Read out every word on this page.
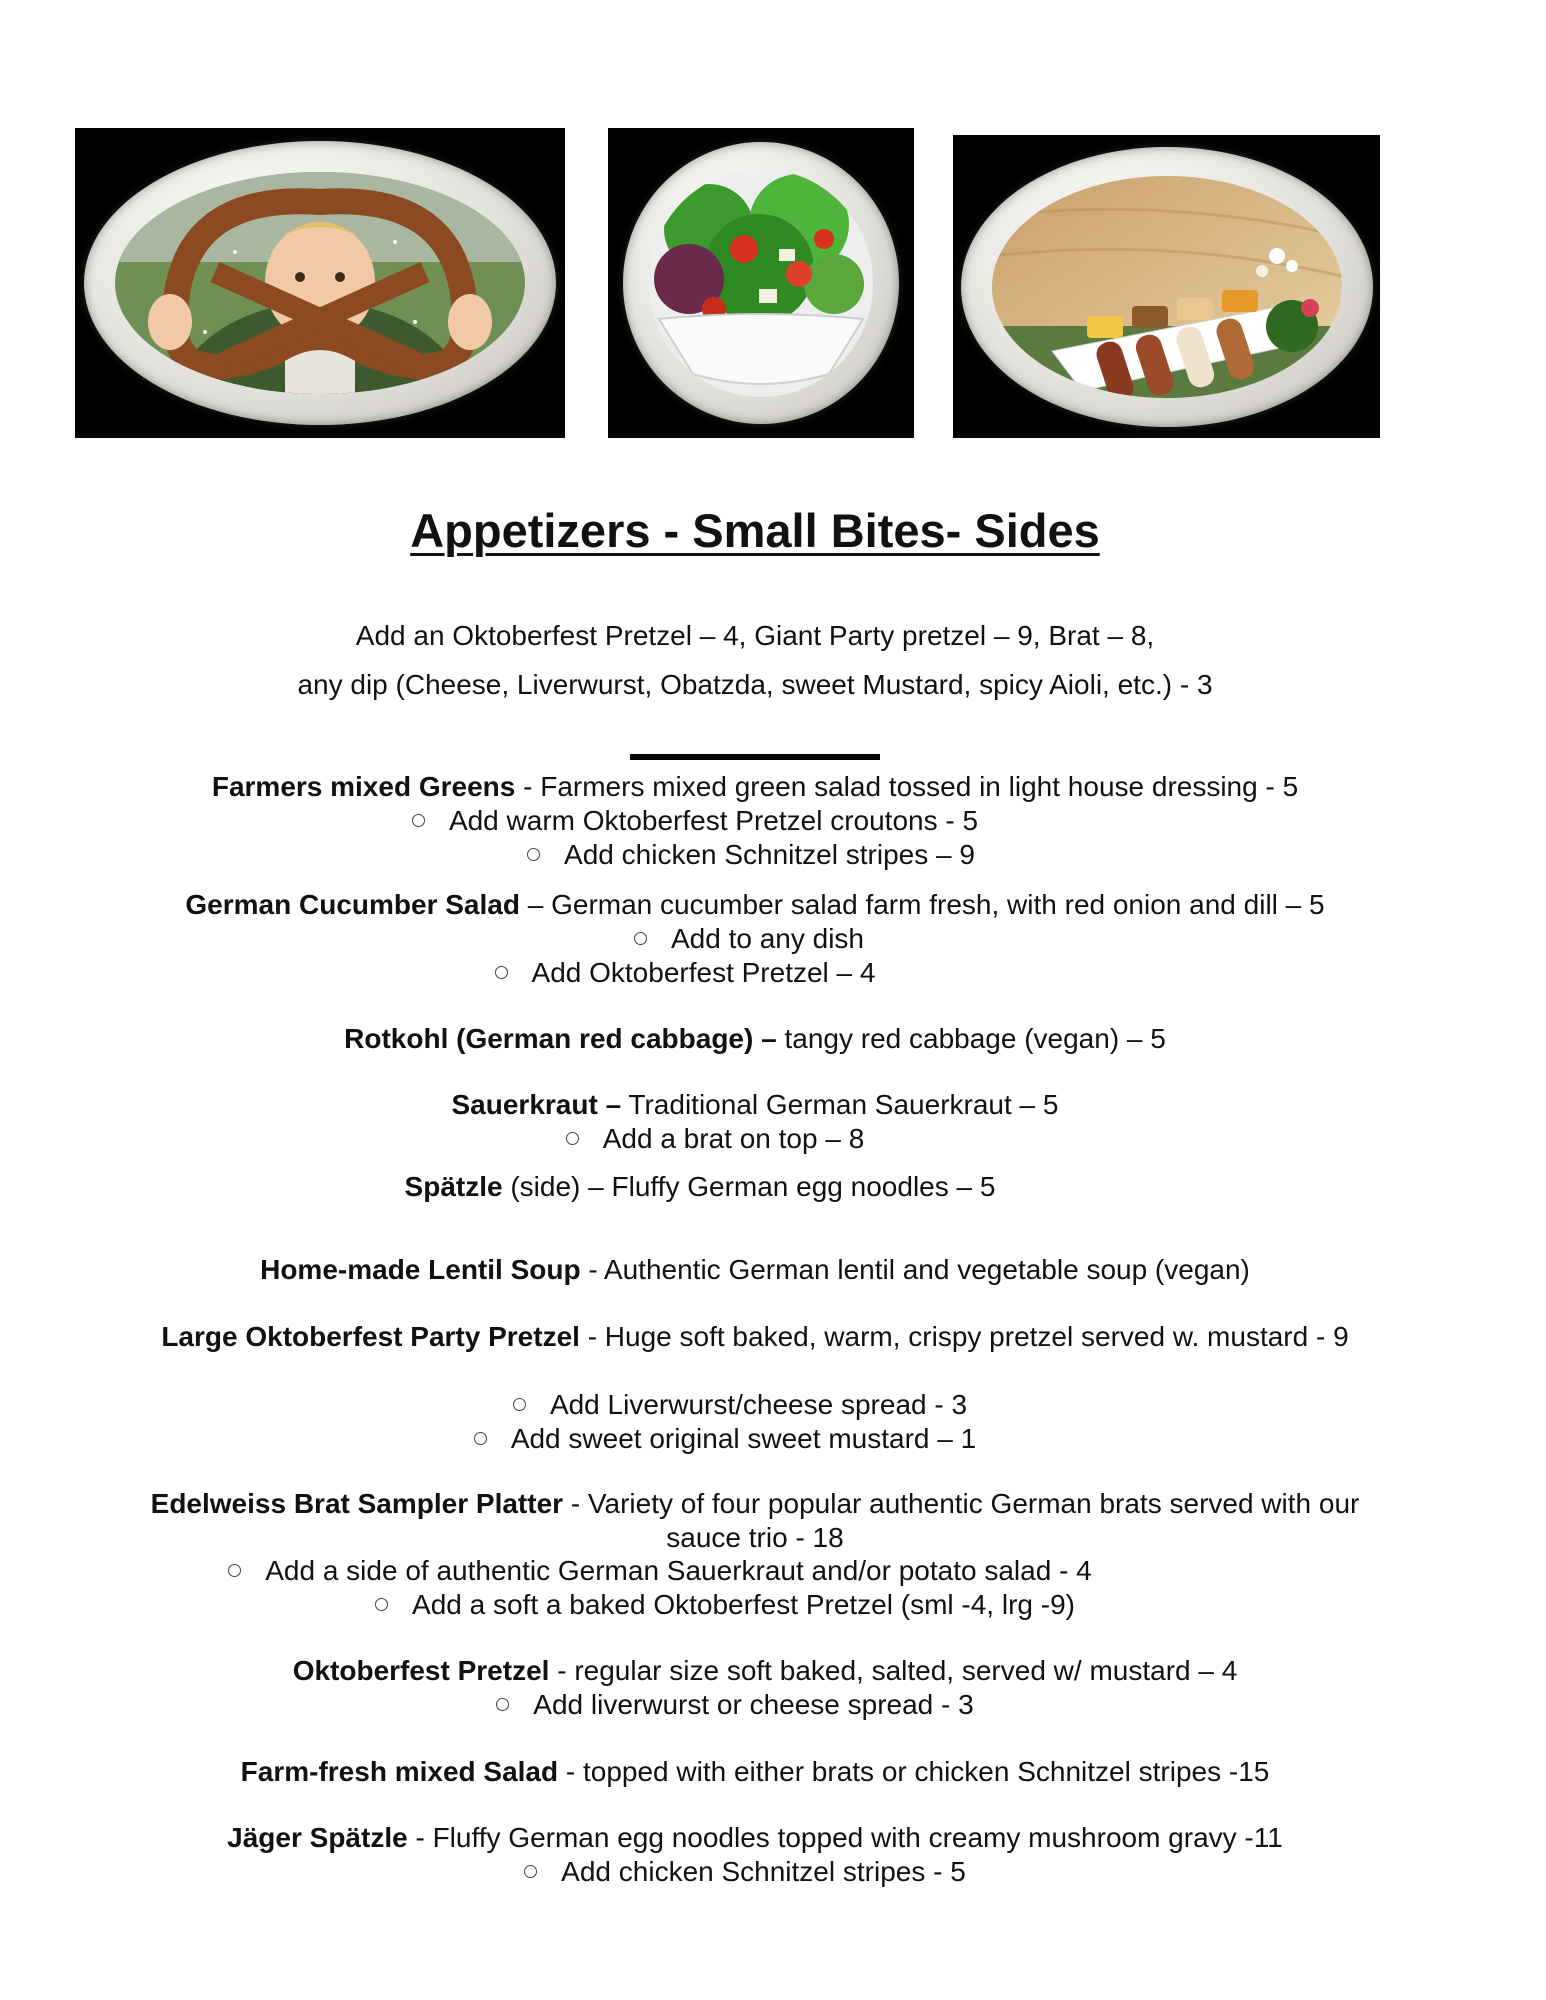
Appetizers - Small Bites- Sides
Add an Oktoberfest Pretzel – 4, Giant Party pretzel – 9, Brat – 8,
any dip (Cheese, Liverwurst, Obatzda, sweet Mustard, spicy Aioli, etc.) - 3
Farmers mixed Greens - Farmers mixed green salad tossed in light house dressing - 5
Add warm Oktoberfest Pretzel croutons - 5
Add chicken Schnitzel stripes – 9
German Cucumber Salad – German cucumber salad farm fresh, with red onion and dill – 5
Add to any dish
Add Oktoberfest Pretzel – 4
Rotkohl (German red cabbage) – tangy red cabbage (vegan) – 5
Sauerkraut – Traditional German Sauerkraut – 5
Add a brat on top – 8
Spätzle (side) – Fluffy German egg noodles – 5
Home-made Lentil Soup - Authentic German lentil and vegetable soup (vegan)
Large Oktoberfest Party Pretzel - Huge soft baked, warm, crispy pretzel served w. mustard - 9
Add Liverwurst/cheese spread - 3
Add sweet original sweet mustard – 1
Edelweiss Brat Sampler Platter - Variety of four popular authentic German brats served with our sauce trio - 18
Add a side of authentic German Sauerkraut and/or potato salad - 4
Add a soft a baked Oktoberfest Pretzel (sml -4, lrg -9)
Oktoberfest Pretzel - regular size soft baked, salted, served w/ mustard – 4
Add liverwurst or cheese spread - 3
Farm-fresh mixed Salad - topped with either brats or chicken Schnitzel stripes -15
Jäger Spätzle - Fluffy German egg noodles topped with creamy mushroom gravy -11
Add chicken Schnitzel stripes - 5
